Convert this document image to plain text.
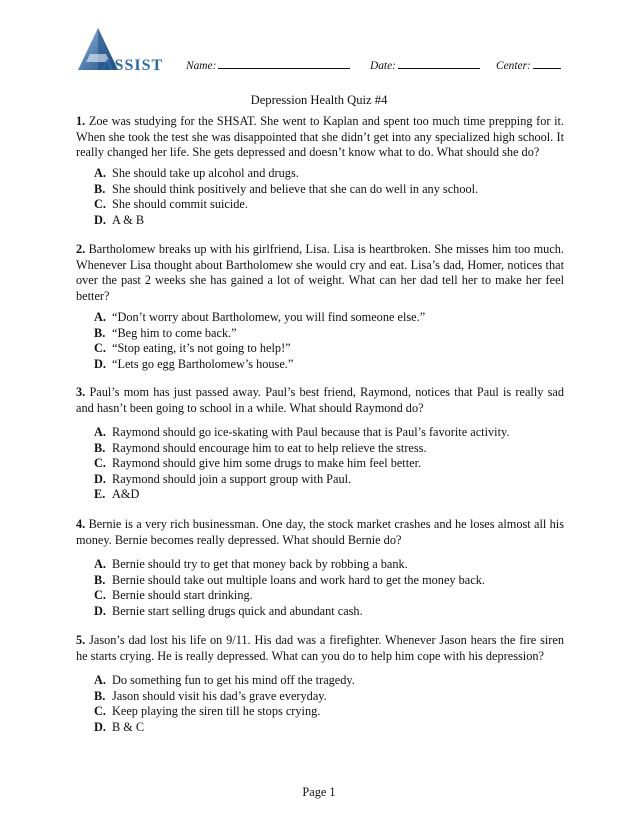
ASSIST Name:	Date:	Center:
Depression Health Quiz #4
1. Zoe was studying for the SHSAT. She went to Kaplan and spent too much time prepping for it. When she took the test she was disappointed that she didn’t get into any specialized high school. It really changed her life. She gets depressed and doesn’t know what to do. What should she do?
A. She should take up alcohol and drugs.
B. She should think positively and believe that she can do well in any school.
C. She should commit suicide.
D. A & B
2. Bartholomew breaks up with his girlfriend, Lisa. Lisa is heartbroken. She misses him too much. Whenever Lisa thought about Bartholomew she would cry and eat. Lisa’s dad, Homer, notices that over the past 2 weeks she has gained a lot of weight. What can her dad tell her to make her feel better?
A. “Don’t worry about Bartholomew, you will find someone else.”
B. “Beg him to come back.”
C. “Stop eating, it’s not going to help!”
D. “Lets go egg Bartholomew’s house.”
3. Paul’s mom has just passed away. Paul’s best friend, Raymond, notices that Paul is really sad and hasn’t been going to school in a while. What should Raymond do?
A. Raymond should go ice-skating with Paul because that is Paul’s favorite activity.
B. Raymond should encourage him to eat to help relieve the stress.
C. Raymond should give him some drugs to make him feel better.
D. Raymond should join a support group with Paul.
E. A&D
4. Bernie is a very rich businessman. One day, the stock market crashes and he loses almost all his money. Bernie becomes really depressed. What should Bernie do?
A. Bernie should try to get that money back by robbing a bank.
B. Bernie should take out multiple loans and work hard to get the money back.
C. Bernie should start drinking.
D. Bernie start selling drugs quick and abundant cash.
5. Jason’s dad lost his life on 9/11. His dad was a firefighter. Whenever Jason hears the fire siren he starts crying. He is really depressed. What can you do to help him cope with his depression?
A. Do something fun to get his mind off the tragedy.
B. Jason should visit his dad’s grave everyday.
C. Keep playing the siren till he stops crying.
D. B & C
Page 1
